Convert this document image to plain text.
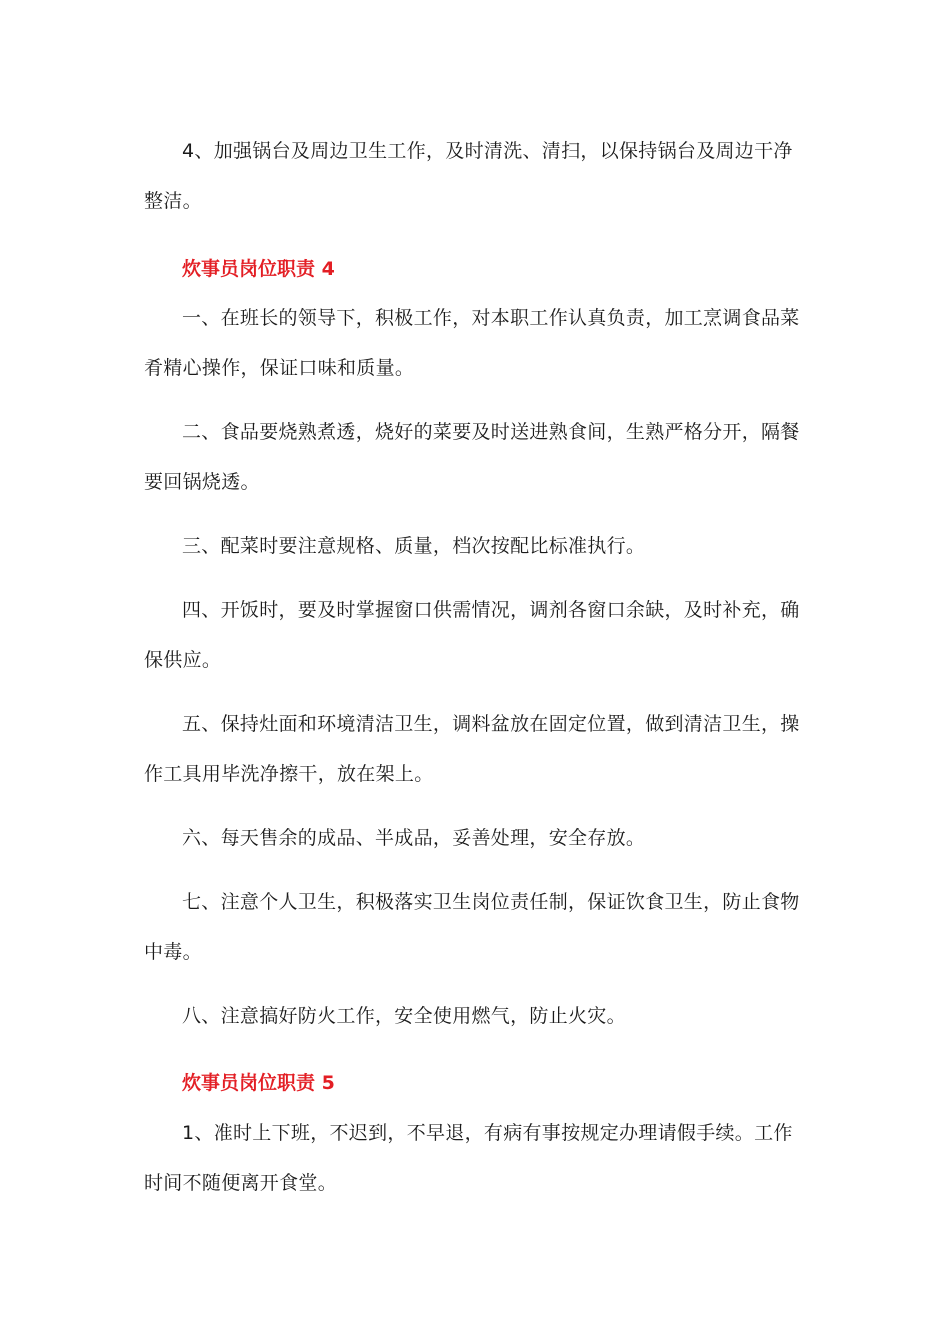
4、加强锅台及周边卫生工作，及时清洗、清扫，以保持锅台及周边干净整洁。

炊事员岗位职责 4

一、在班长的领导下，积极工作，对本职工作认真负责，加工烹调食品菜肴精心操作，保证口味和质量。

二、食品要烧熟煮透，烧好的菜要及时送进熟食间，生熟严格分开，隔餐要回锅烧透。

三、配菜时要注意规格、质量，档次按配比标准执行。

四、开饭时，要及时掌握窗口供需情况，调剂各窗口余缺，及时补充，确保供应。

五、保持灶面和环境清洁卫生，调料盆放在固定位置，做到清洁卫生，操作工具用毕洗净擦干，放在架上。

六、每天售余的成品、半成品，妥善处理，安全存放。

七、注意个人卫生，积极落实卫生岗位责任制，保证饮食卫生，防止食物中毒。

八、注意搞好防火工作，安全使用燃气，防止火灾。

炊事员岗位职责 5

1、准时上下班，不迟到，不早退，有病有事按规定办理请假手续。工作时间不随便离开食堂。
